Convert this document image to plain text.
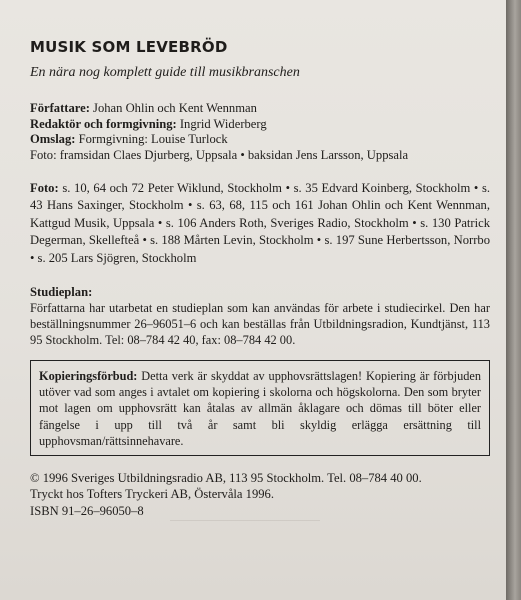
MUSIK SOM LEVEBRÖD
En nära nog komplett guide till musikbranschen
Författare: Johan Ohlin och Kent Wennman
Redaktör och formgivning: Ingrid Widerberg
Omslag: Formgivning: Louise Turlock
Foto: framsidan Claes Djurberg, Uppsala • baksidan Jens Larsson, Uppsala
Foto: s. 10, 64 och 72 Peter Wiklund, Stockholm • s. 35 Edvard Koinberg, Stockholm • s. 43 Hans Saxinger, Stockholm • s. 63, 68, 115 och 161 Johan Ohlin och Kent Wennman, Kattgud Musik, Uppsala • s. 106 Anders Roth, Sveriges Radio, Stockholm • s. 130 Patrick Degerman, Skellefteå • s. 188 Mårten Levin, Stockholm • s. 197 Sune Herbertsson, Norrbo • s. 205 Lars Sjögren, Stockholm
Studieplan:
Författarna har utarbetat en studieplan som kan användas för arbete i studiecirkel. Den har beställningsnummer 26–96051–6 och kan beställas från Utbildningsradion, Kundtjänst, 113 95 Stockholm. Tel: 08–784 42 40, fax: 08–784 42 00.
Kopieringsförbud: Detta verk är skyddat av upphovsrättslagen! Kopiering är förbjuden utöver vad som anges i avtalet om kopiering i skolorna och högskolorna. Den som bryter mot lagen om upphovsrätt kan åtalas av allmän åklagare och dömas till böter eller fängelse i upp till två år samt bli skyldig erlägga ersättning till upphovsman/rättsinnehavare.
© 1996 Sveriges Utbildningsradio AB, 113 95 Stockholm. Tel. 08–784 40 00.
Tryckt hos Tofters Tryckeri AB, Östervåla 1996.
ISBN 91–26–96050–8
